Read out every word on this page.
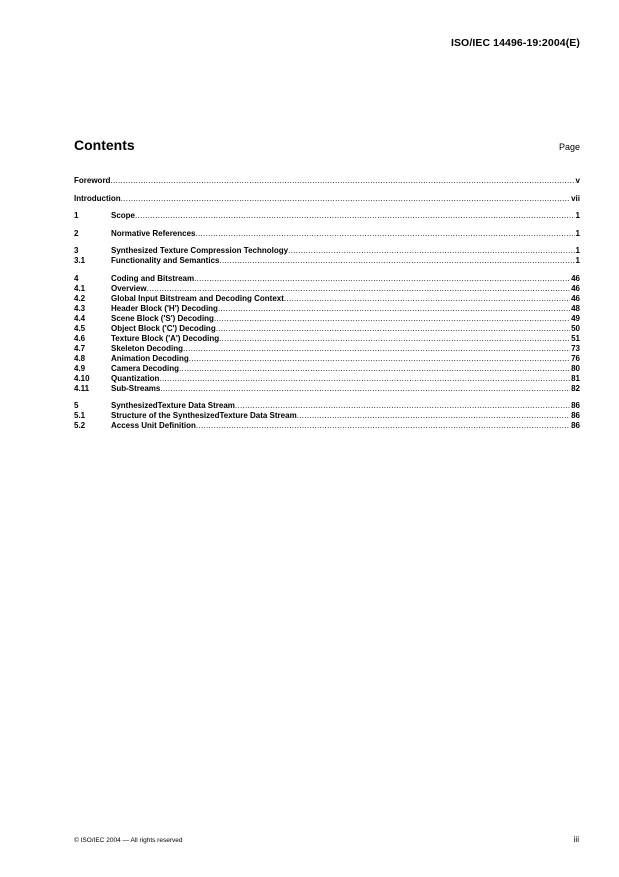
ISO/IEC 14496-19:2004(E)
Contents	Page
Foreword .....	v
Introduction .....	vii
1	Scope .....	1
2	Normative References .....	1
3	Synthesized Texture Compression Technology .....	1
3.1	Functionality and Semantics .....	1
4	Coding and Bitstream .....	46
4.1	Overview .....	46
4.2	Global Input Bitstream and Decoding Context .....	46
4.3	Header Block ('H') Decoding .....	48
4.4	Scene Block ('S') Decoding .....	49
4.5	Object Block ('C') Decoding .....	50
4.6	Texture Block ('A') Decoding .....	51
4.7	Skeleton Decoding .....	73
4.8	Animation Decoding .....	76
4.9	Camera Decoding .....	80
4.10	Quantization .....	81
4.11	Sub-Streams .....	82
5	SynthesizedTexture Data Stream .....	86
5.1	Structure of the SynthesizedTexture Data Stream .....	86
5.2	Access Unit Definition .....	86
© ISO/IEC 2004 — All rights reserved	iii
